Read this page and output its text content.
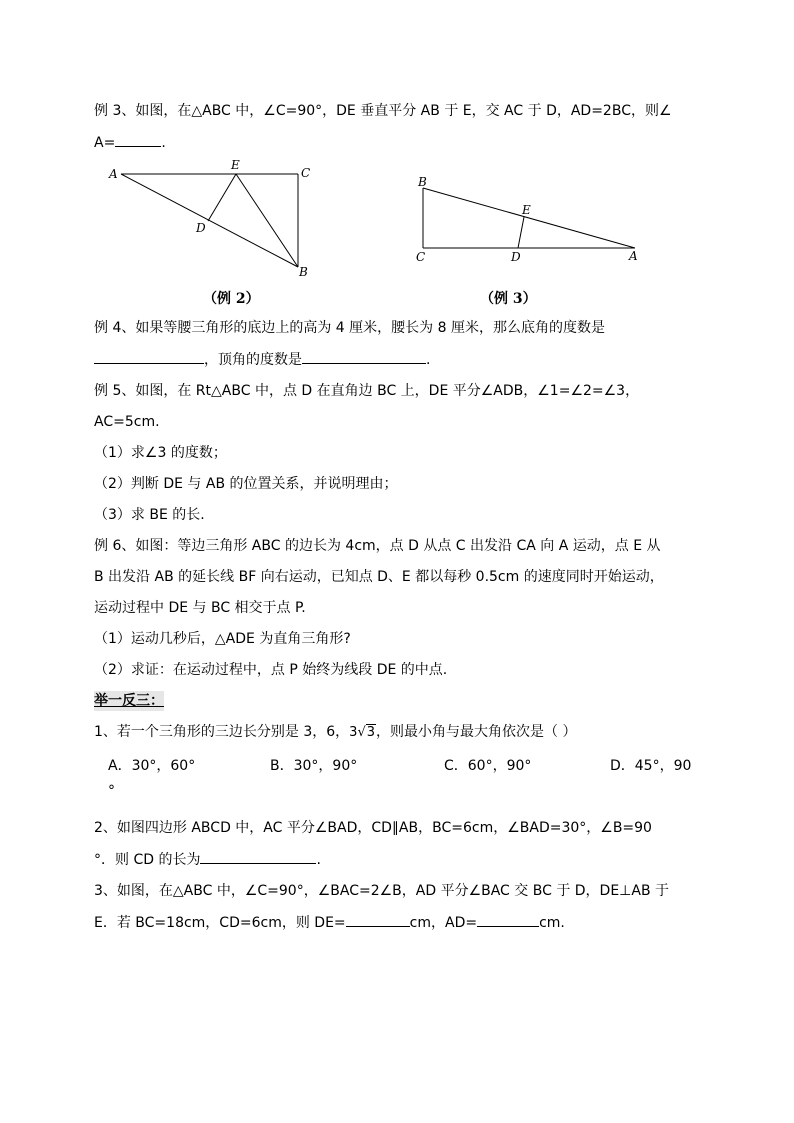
例 3、如图，在△ABC 中，∠C=90°，DE 垂直平分 AB 于 E，交 AC 于 D，AD=2BC，则∠
A=	.
A
E
C
D
B
B
E
C	D	A
（例 2）	（例 3）
例 4、如果等腰三角形的底边上的高为 4 厘米，腰长为 8 厘米，那么底角的度数是
，顶角的度数是	.
例 5、如图，在 Rt△ABC 中，点 D 在直角边 BC 上，DE 平分∠ADB，∠1=∠2=∠3，
AC=5cm.
（1）求∠3 的度数；
（2）判断 DE 与 AB 的位置关系，并说明理由；
（3）求 BE 的长.
例 6、如图：等边三角形 ABC 的边长为 4cm，点 D 从点 C 出发沿 CA 向 A 运动，点 E 从
B 出发沿 AB 的延长线 BF 向右运动，已知点 D、E 都以每秒 0.5cm 的速度同时开始运动，
运动过程中 DE 与 BC 相交于点 P.
（1）运动几秒后，△ADE 为直角三角形?
（2）求证：在运动过程中，点 P 始终为线段 DE 的中点.
举一反三：
1、若一个三角形的三边长分别是 3，6，3√3，则最小角与最大角依次是（ ）
A．30°，60°	B．30°，90°	C．60°，90°	D．45°，90
°
2、如图四边形 ABCD 中，AC 平分∠BAD，CD∥AB，BC=6cm，∠BAD=30°，∠B=90
°．则 CD 的长为	.
3、如图，在△ABC 中，∠C=90°，∠BAC=2∠B，AD 平分∠BAC 交 BC 于 D，DE⊥AB 于
E．若 BC=18cm，CD=6cm，则 DE=	cm，AD=	cm.
